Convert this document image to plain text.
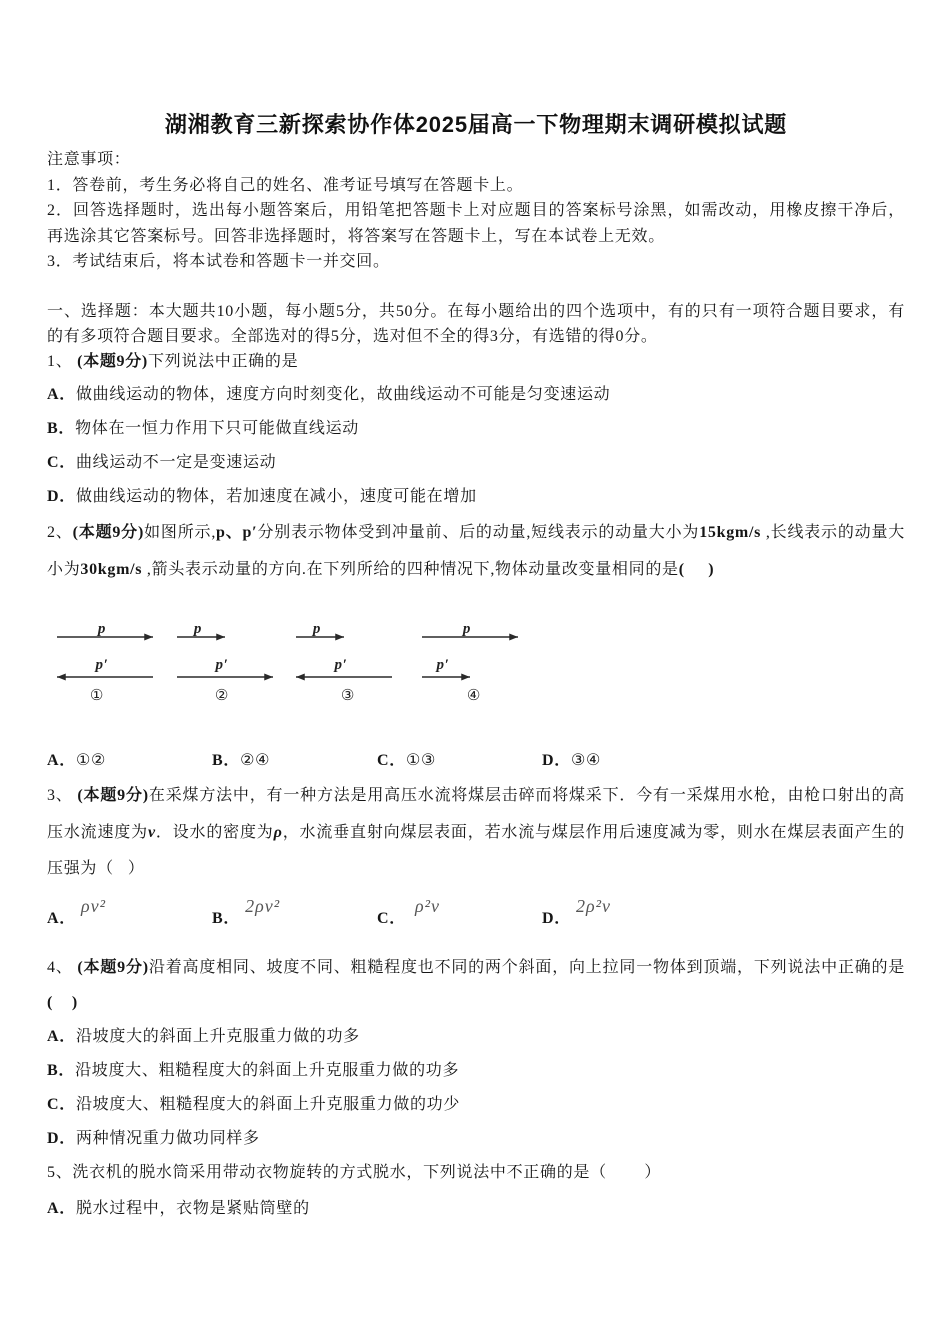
湖湘教育三新探索协作体2025届高一下物理期末调研模拟试题

注意事项：

1．答卷前，考生务必将自己的姓名、准考证号填写在答题卡上。

2．回答选择题时，选出每小题答案后，用铅笔把答题卡上对应题目的答案标号涂黑，如需改动，用橡皮擦干净后，再选涂其它答案标号。回答非选择题时，将答案写在答题卡上，写在本试卷上无效。

3．考试结束后，将本试卷和答题卡一并交回。

一、选择题：本大题共10小题，每小题5分，共50分。在每小题给出的四个选项中，有的只有一项符合题目要求，有的有多项符合题目要求。全部选对的得5分，选对但不全的得3分，有选错的得0分。

1、 (本题9分)下列说法中正确的是

A．做曲线运动的物体，速度方向时刻变化，故曲线运动不可能是匀变速运动

B．物体在一恒力作用下只可能做直线运动

C．曲线运动不一定是变速运动

D．做曲线运动的物体，若加速度在减小，速度可能在增加

2、(本题9分)如图所示,p、p′分别表示物体受到冲量前、后的动量,短线表示的动量大小为15kgm/s ,长线表示的动量大小为30kgm/s ,箭头表示动量的方向.在下列所给的四种情况下,物体动量改变量相同的是(     )

p
p′
①
p
p′
②
p
p′
③
p
p′
④
A．①②	B．②④	C．①③	D．③④

3、 (本题9分)在采煤方法中，有一种方法是用高压水流将煤层击碎而将煤采下．今有一采煤用水枪，由枪口射出的高压水流速度为v．设水的密度为ρ，水流垂直射向煤层表面，若水流与煤层作用后速度减为零，则水在煤层表面产生的压强为（   ）

A．ρv²
B．2ρv²
C．ρ²v
D．2ρ²v

4、 (本题9分)沿着高度相同、坡度不同、粗糙程度也不同的两个斜面，向上拉同一物体到顶端，下列说法中正确的是(    )

A．沿坡度大的斜面上升克服重力做的功多

B．沿坡度大、粗糙程度大的斜面上升克服重力做的功多

C．沿坡度大、粗糙程度大的斜面上升克服重力做的功少

D．两种情况重力做功同样多

5、洗衣机的脱水筒采用带动衣物旋转的方式脱水，下列说法中不正确的是（        ）

A．脱水过程中，衣物是紧贴筒壁的
